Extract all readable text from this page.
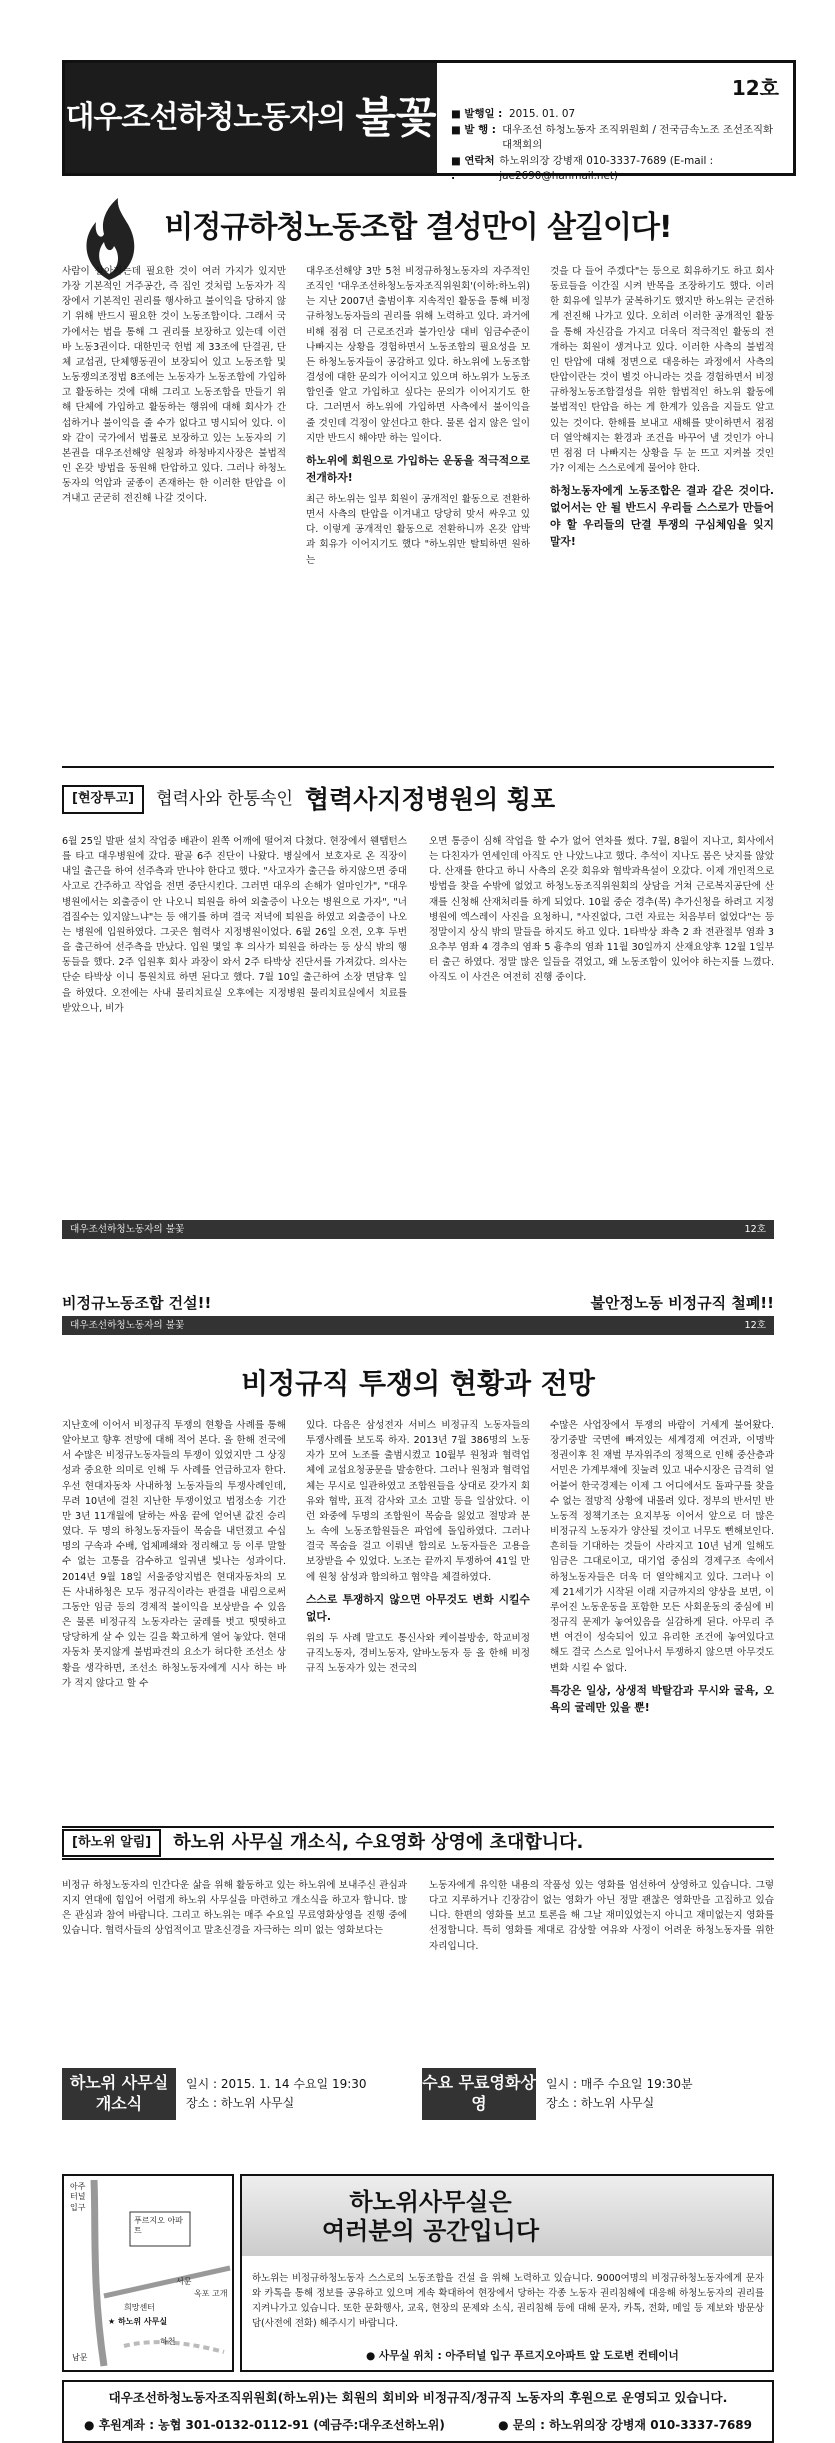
대우조선하청노동자의 불꽃
12호
■ 발행일 : 2015. 01. 07
■ 발 행 : 대우조선 하청노동자 조직위원회 / 전국금속노조 조선조직화 대책회의
■ 연락처 :
하노위의장 강병재 010-3337-7689 (E-mail : jae2690@hanmail.net)
비정규하청노동조합 결성만이 살길이다!

사람이 살아가는데 필요한 것이 여러 가지가 있지만 가장 기본적인 거주공간, 즉 집인 것처럼 노동자가 직장에서 기본적인 권리를 행사하고 불이익을 당하지 않기 위해 반드시 필요한 것이 노동조합이다. 그래서 국가에서는 법을 통해 그 권리를 보장하고 있는데 이런바 노동3권이다. 대한민국 헌법 제 33조에 단결권, 단체 교섭권, 단체행동권이 보장되어 있고 노동조합 및 노동쟁의조정법 8조에는 노동자가 노동조합에 가입하고 활동하는 것에 대해 그리고 노동조합을 만들기 위해 단체에 가입하고 활동하는 행위에 대해 회사가 간섭하거나 불이익을 줄 수가 없다고 명시되어 있다. 이와 같이 국가에서 법률로 보장하고 있는 노동자의 기본권을 대우조선해양 원청과 하청바지사장은 불법적인 온갖 방법을 동원해 탄압하고 있다. 그러나 하청노동자의 억압과 굴종이 존재하는 한 이러한 탄압을 이겨내고 굳굳히 전진해 나갈 것이다.

대우조선해양 3만 5천 비정규하청노동자의 자주적인 조직인 '대우조선하청노동자조직위원회'(이하:하노위)는 지난 2007년 출범이후 지속적인 활동을 통해 비정규하청노동자들의 권리를 위해 노력하고 있다. 과거에 비해 점점 더 근로조건과 불가인상 대비 임금수준이 나빠지는 상황을 경험하면서 노동조합의 필요성을 모든 하청노동자들이 공감하고 있다. 하노위에 노동조합결성에 대한 문의가 이어지고 있으며 하노위가 노동조합인줄 알고 가입하고 싶다는 문의가 이어지기도 한다. 그러면서 하노위에 가입하면 사측에서 불이익을 줄 것인데 걱정이 앞선다고 한다. 물론 쉽지 않은 일이지만 반드시 해야만 하는 일이다.

하노위에 회원으로 가입하는 운동을 적극적으로 전개하자!

최근 하노위는 일부 회원이 공개적인 활동으로 전환하면서 사측의 탄압을 이겨내고 당당히 맞서 싸우고 있다. 이렇게 공개적인 활동으로 전환하니까 온갖 압박과 회유가 이어지기도 했다 "하노위만 탈퇴하면 원하는

것을 다 들어 주겠다"는 등으로 회유하기도 하고 회사동료들을 이간질 시켜 반목을 조장하기도 했다. 이러한 회유에 일부가 굴복하기도 했지만 하노위는 굳건하게 전진해 나가고 있다. 오히려 이러한 공개적인 활동을 통해 자신감을 가지고 더욱더 적극적인 활동의 전개하는 회원이 생겨나고 있다. 이러한 사측의 불법적인 탄압에 대해 정면으로 대응하는 과정에서 사측의 탄압이란는 것이 별것 아니라는 것을 경험하면서 비정규하청노동조합결성을 위한 합법적인 하노위 활동에 불법적인 탄압을 하는 게 한계가 있음을 지들도 알고 있는 것이다. 한해를 보내고 새해를 맞이하면서 점점 더 열악해지는 환경과 조건을 바꾸어 낼 것인가 아니면 점점 더 나빠지는 상황을 두 눈 뜨고 지켜볼 것인가? 이제는 스스로에게 물어야 한다.

하청노동자에게 노동조합은 결과 같은 것이다. 없어서는 안 될 반드시 우리들 스스로가 만들어야 할 우리들의 단결 투쟁의 구심체임을 잊지 말자!

[현장투고]	협력사와 한통속인 협력사지정병원의 횡포

6월 25일 발판 설치 작업중 배관이 왼쪽 어깨에 떨어져 다쳤다. 현장에서 웬탭턴스를 타고 대우병원에 갔다. 팔골 6주 진단이 나왔다. 병실에서 보호자로 온 직장이 내일 출근을 하여 선주측과 만나야 한다고 했다. "사고자가 출근을 하지않으면 중대사고로 간주하고 작업을 전면 중단시킨다. 그러면 대우의 손해가 얼마인가", "대우병원에서는 외출증이 안 나오니 퇴원을 하여 외출증이 나오는 병원으로 가자", "너 겹질수는 있지않느냐"는 등 얘기를 하며 결국 저녁에 퇴원을 하였고 외출증이 나오는 병원에 입원하였다. 그곳은 협력사 지정병원이었다. 6월 26일 오전, 오후 두번을 출근하여 선주측을 만났다. 입원 몇일 후 의사가 퇴원을 하라는 등 상식 밖의 행동들을 했다. 2주 입원후 회사 과장이 와서 2주 타박상 진단서를 가져갔다. 의사는 단순 타박상 이니 통원치료 하면 된다고 했다. 7월 10일 출근하여 소장 면담후 일을 하였다. 오전에는 사내 물리치료실 오후에는 지정병원 물리치료실에서 치료를 받았으나, 비가

오면 통증이 심해 작업을 할 수가 없어 연차를 썼다. 7월, 8월이 지나고, 회사에서는 다친자가 연세인데 아직도 안 나았느냐고 했다. 추석이 지나도 몸은 낫지를 않았다. 산재를 한다고 하니 사측의 온갖 회유와 협박과욕설이 오갔다. 이제 개인적으로 방법을 찾을 수밖에 없었고 하청노동조직위원회의 상담을 거쳐 근로복지공단에 산재를 신청해 산재처리를 하게 되었다. 10월 중순 경추(목) 추가신청을 하려고 지정병원에 엑스레이 사진을 요청하니, "사진없다, 그런 자료는 처음부터 없었다"는 등 정말이지 상식 밖의 말들을 하지도 하고 있다. 1타박상 좌측 2 좌 전관절부 염좌 3 요추부 염좌 4 경추의 염좌 5 흉추의 염좌 11월 30일까지 산재요양후 12월 1일부터 출근 하였다. 정말 많은 일들을 겪었고, 왜 노동조합이 있어야 하는지를 느꼈다. 아직도 이 사건은 여전히 진행 중이다.

대우조선하청노동자의 불꽃	12호
비정규노동조합 건설!!	불안정노동 비정규직 철폐!!
대우조선하청노동자의 불꽃	12호
비정규직 투쟁의 현황과 전망

지난호에 이어서 비정규직 투쟁의 현황을 사례를 통해 알아보고 향후 전망에 대해 적어 본다. 올 한해 전국에서 수많은 비정규노동자들의 투쟁이 있었지만 그 상징성과 중요한 의미로 인해 두 사례를 언급하고자 한다. 우선 현대자동차 사내하청 노동자들의 투쟁사례인데, 무려 10년에 걸친 지난한 투쟁이었고 법정소송 기간만 3년 11개월에 달하는 싸움 끝에 얻어낸 값진 승리였다. 두 명의 하청노동자들이 목숨을 내던졌고 수십 명의 구속과 수배, 업체폐쇄와 정리해고 등 이루 말할 수 없는 고통을 감수하고 일궈낸 빛나는 성과이다. 2014년 9월 18일 서울중앙지법은 현대자동차의 모든 사내하청은 모두 정규직이라는 판결을 내림으로써 그동안 임금 등의 경제적 불이익을 보상받을 수 있음은 물론 비정규직 노동자라는 굴레를 벗고 떳떳하고 당당하게 살 수 있는 길을 확고하게 열어 놓았다. 현대자동차 못지않게 불법파견의 요소가 허다한 조선소 상황을 생각하면, 조선소 하청노동자에게 시사 하는 바가 적지 않다고 할 수

있다. 다음은 삼성전자 서비스 비정규직 노동자들의 투쟁사례를 보도록 하자. 2013년 7월 386명의 노동자가 모여 노조를 출범시켰고 10월부 원청과 협력업체에 교섭요청공문을 발송한다. 그러나 원청과 협력업체는 무시로 일관하였고 조합원들을 상대로 갖가지 회유와 협박, 표적 감사와 고소 고발 등을 일삼았다. 이런 와중에 두명의 조합원이 목숨을 잃었고 절망과 분노 속에 노동조합원들은 파업에 돌입하였다. 그러나 결국 목숨을 걸고 이뤄낸 합의로 노동자들은 고용을 보장받을 수 있었다. 노조는 끝까지 투쟁하여 41일 만에 원청 삼성과 합의하고 협약을 체결하였다.

스스로 투쟁하지 않으면 아무것도 변화 시킬수 없다.

위의 두 사례 말고도 통신사와 케이블방송, 학교비정규직노동자, 경비노동자, 알바노동자 등 올 한해 비정규직 노동자가 있는 전국의

수많은 사업장에서 투쟁의 바람이 거세게 불어왔다. 장기중발 국면에 빠져있는 세계경제 여건과, 이명박 정권이후 친 재벌 부자위주의 정책으로 인해 중산층과 서민은 가계부채에 짓눌려 있고 내수시장은 급격히 얼어붙어 한국경제는 이제 그 어디에서도 돌파구를 찾을 수 없는 절망적 상황에 내몰려 있다. 정부의 반서민 반노동적 정책기조는 요지부동 이어서 앞으로 더 많은 비정규직 노동자가 양산될 것이고 너무도 뻔해보인다. 흔히들 기대하는 것들이 사라지고 10년 넘게 일해도 임금은 그대로이고, 대기업 중심의 경제구조 속에서 하청노동자들은 더욱 더 열악해지고 있다. 그러나 이제 21세기가 시작된 이래 지금까지의 양상을 보면, 이루어진 노동운동을 포함한 모든 사회운동의 중심에 비정규직 문제가 놓여있음을 실감하게 된다. 아무리 주변 여건이 성숙되어 있고 유리한 조건에 놓여있다고 해도 결국 스스로 일어나서 투쟁하지 않으면 아무것도 변화 시킬 수 없다.

특강은 일상, 상생적 박탈감과 무시와 굴욕, 오욕의 굴레만 있을 뿐!

[하노위 알림]	하노위 사무실 개소식, 수요영화 상영에 초대합니다.

비정규 하청노동자의 인간다운 삶을 위해 활동하고 있는 하노위에 보내주신 관심과 지지 연대에 힘입어 어렵게 하노위 사무실을 마련하고 개소식을 하고자 합니다. 많은 관심과 참여 바랍니다. 그리고 하노위는 매주 수요일 무료영화상영을 진행 중에 있습니다. 협력사들의 상업적이고 말초신경을 자극하는 의미 없는 영화보다는

노동자에게 유익한 내용의 작품성 있는 영화를 엄선하여 상영하고 있습니다. 그렇다고 지루하거나 긴장감이 없는 영화가 아닌 정말 괜찮은 영화만을 고집하고 있습니다. 한편의 영화를 보고 토론을 해 그날 재미있었는지 아니고 재미없는지 영화를 선정합니다. 특히 영화를 제대로 감상할 여유와 사정이 어려운 하청노동자를 위한 자리입니다.

하노위 사무실 개소식
일시 : 2015. 1. 14 수요일 19:30
장소 : 하노위 사무실
수요 무료영화상영
일시 : 매주 수요일 19:30분
장소 : 하노위 사무실
아주 터널 입구
푸르지오 아파트
서문
옥포 고개
희망센터
★ 하노위 사무실
남문
하천
하노위사무실은
여러분의 공간입니다

하노위는 비정규하청노동자 스스로의 노동조합을 건설 을 위해 노력하고 있습니다. 9000여명의 비정규하청노동자에게 문자와 카톡을 통해 정보를 공유하고 있으며 게속 확대하여 현장에서 당하는 각종 노동자 권리침해에 대응해 하청노동자의 권리를 지켜나가고 있습니다. 또한 문화행사, 교육, 현장의 문제와 소식, 권리침해 등에 대해 문자, 카톡, 전화, 메일 등 제보와 방문상담(사전에 전화) 해주시기 바랍니다.

● 사무실 위치 : 아주터널 입구 푸르지오아파트 앞 도로변 컨테이너
대우조선하청노동자조직위원회(하노위)는 회원의 회비와 비정규직/정규직 노동자의 후원으로 운영되고 있습니다.
● 후원계좌 : 농협 301-0132-0112-91 (예금주:대우조선하노위)	● 문의 : 하노위의장 강병재 010-3337-7689
